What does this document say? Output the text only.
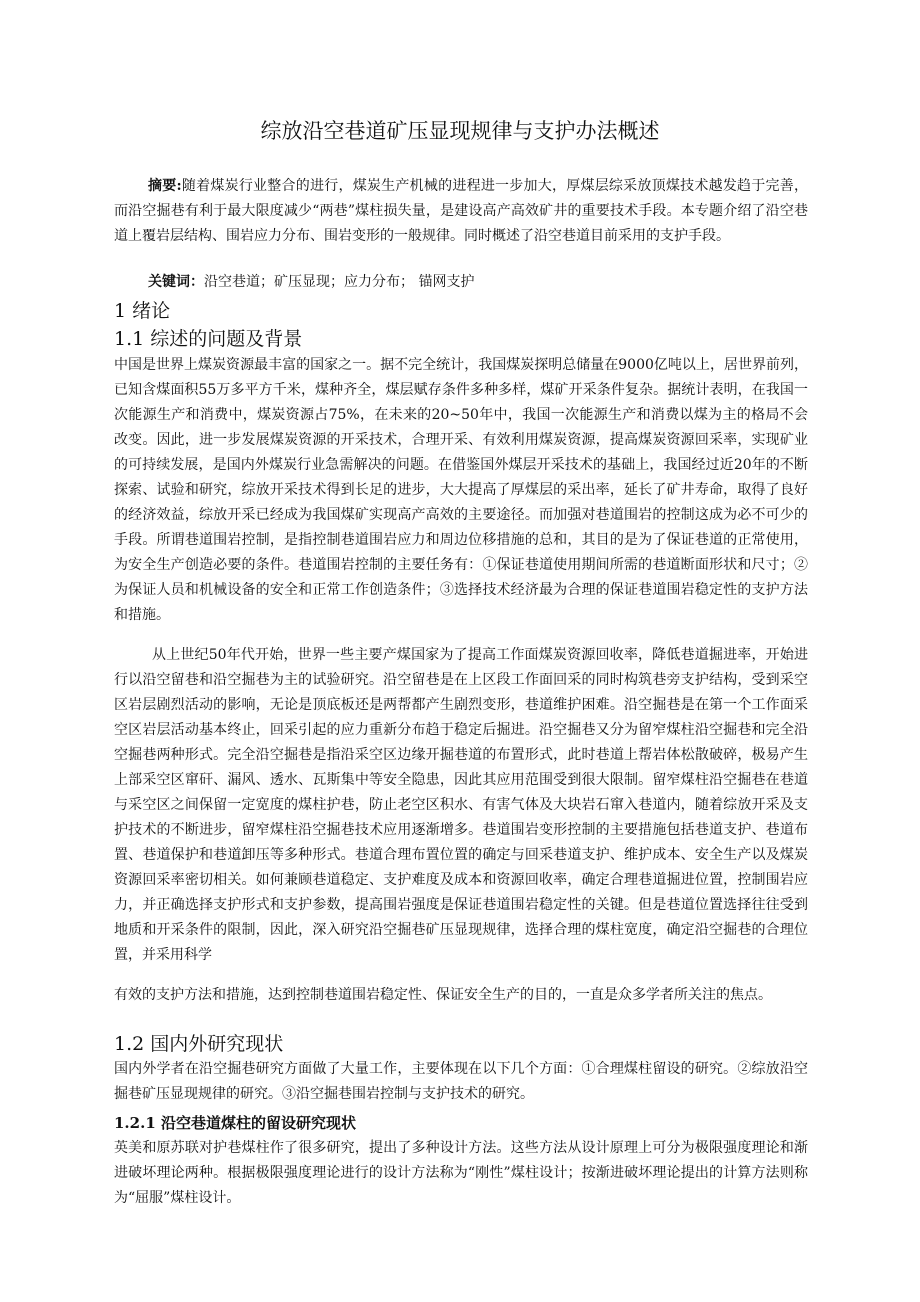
综放沿空巷道矿压显现规律与支护办法概述
摘要:随着煤炭行业整合的进行，煤炭生产机械的进程进一步加大，厚煤层综采放顶煤技术越发趋于完善，而沿空掘巷有利于最大限度减少“两巷”煤柱损失量，是建设高产高效矿井的重要技术手段。本专题介绍了沿空巷道上覆岩层结构、围岩应力分布、围岩变形的一般规律。同时概述了沿空巷道目前采用的支护手段。
关键词：沿空巷道；矿压显现；应力分布； 锚网支护
1 绪论
1.1 综述的问题及背景
中国是世界上煤炭资源最丰富的国家之一。据不完全统计，我国煤炭探明总储量在9000亿吨以上，居世界前列，已知含煤面积55万多平方千米，煤种齐全，煤层赋存条件多种多样，煤矿开采条件复杂。据统计表明，在我国一次能源生产和消费中，煤炭资源占75%，在未来的20~50年中，我国一次能源生产和消费以煤为主的格局不会改变。因此，进一步发展煤炭资源的开采技术，合理开采、有效利用煤炭资源，提高煤炭资源回采率，实现矿业的可持续发展，是国内外煤炭行业急需解决的问题。在借鉴国外煤层开采技术的基础上，我国经过近20年的不断探索、试验和研究，综放开采技术得到长足的进步，大大提高了厚煤层的采出率，延长了矿井寿命，取得了良好的经济效益，综放开采已经成为我国煤矿实现高产高效的主要途径。而加强对巷道围岩的控制这成为必不可少的手段。所谓巷道围岩控制，是指控制巷道围岩应力和周边位移措施的总和，其目的是为了保证巷道的正常使用，为安全生产创造必要的条件。巷道围岩控制的主要任务有：①保证巷道使用期间所需的巷道断面形状和尺寸；②为保证人员和机械设备的安全和正常工作创造条件；③选择技术经济最为合理的保证巷道围岩稳定性的支护方法和措施。
从上世纪50年代开始，世界一些主要产煤国家为了提高工作面煤炭资源回收率，降低巷道掘进率，开始进行以沿空留巷和沿空掘巷为主的试验研究。沿空留巷是在上区段工作面回采的同时构筑巷旁支护结构，受到采空区岩层剧烈活动的影响，无论是顶底板还是两帮都产生剧烈变形，巷道维护困难。沿空掘巷是在第一个工作面采空区岩层活动基本终止，回采引起的应力重新分布趋于稳定后掘进。沿空掘巷又分为留窄煤柱沿空掘巷和完全沿空掘巷两种形式。完全沿空掘巷是指沿采空区边缘开掘巷道的布置形式，此时巷道上帮岩体松散破碎，极易产生上部采空区窜矸、漏风、透水、瓦斯集中等安全隐患，因此其应用范围受到很大限制。留窄煤柱沿空掘巷在巷道与采空区之间保留一定宽度的煤柱护巷，防止老空区积水、有害气体及大块岩石窜入巷道内，随着综放开采及支护技术的不断进步，留窄煤柱沿空掘巷技术应用逐渐增多。巷道围岩变形控制的主要措施包括巷道支护、巷道布置、巷道保护和巷道卸压等多种形式。巷道合理布置位置的确定与回采巷道支护、维护成本、安全生产以及煤炭资源回采率密切相关。如何兼顾巷道稳定、支护难度及成本和资源回收率，确定合理巷道掘进位置，控制围岩应力，并正确选择支护形式和支护参数，提高围岩强度是保证巷道围岩稳定性的关键。但是巷道位置选择往往受到地质和开采条件的限制，因此，深入研究沿空掘巷矿压显现规律，选择合理的煤柱宽度，确定沿空掘巷的合理位置，并采用科学
有效的支护方法和措施，达到控制巷道围岩稳定性、保证安全生产的目的，一直是众多学者所关注的焦点。
1.2 国内外研究现状
国内外学者在沿空掘巷研究方面做了大量工作，主要体现在以下几个方面：①合理煤柱留设的研究。②综放沿空掘巷矿压显现规律的研究。③沿空掘巷围岩控制与支护技术的研究。
1.2.1 沿空巷道煤柱的留设研究现状
英美和原苏联对护巷煤柱作了很多研究，提出了多种设计方法。这些方法从设计原理上可分为极限强度理论和渐进破坏理论两种。根据极限强度理论进行的设计方法称为“刚性”煤柱设计；按渐进破坏理论提出的计算方法则称为“屈服”煤柱设计。
